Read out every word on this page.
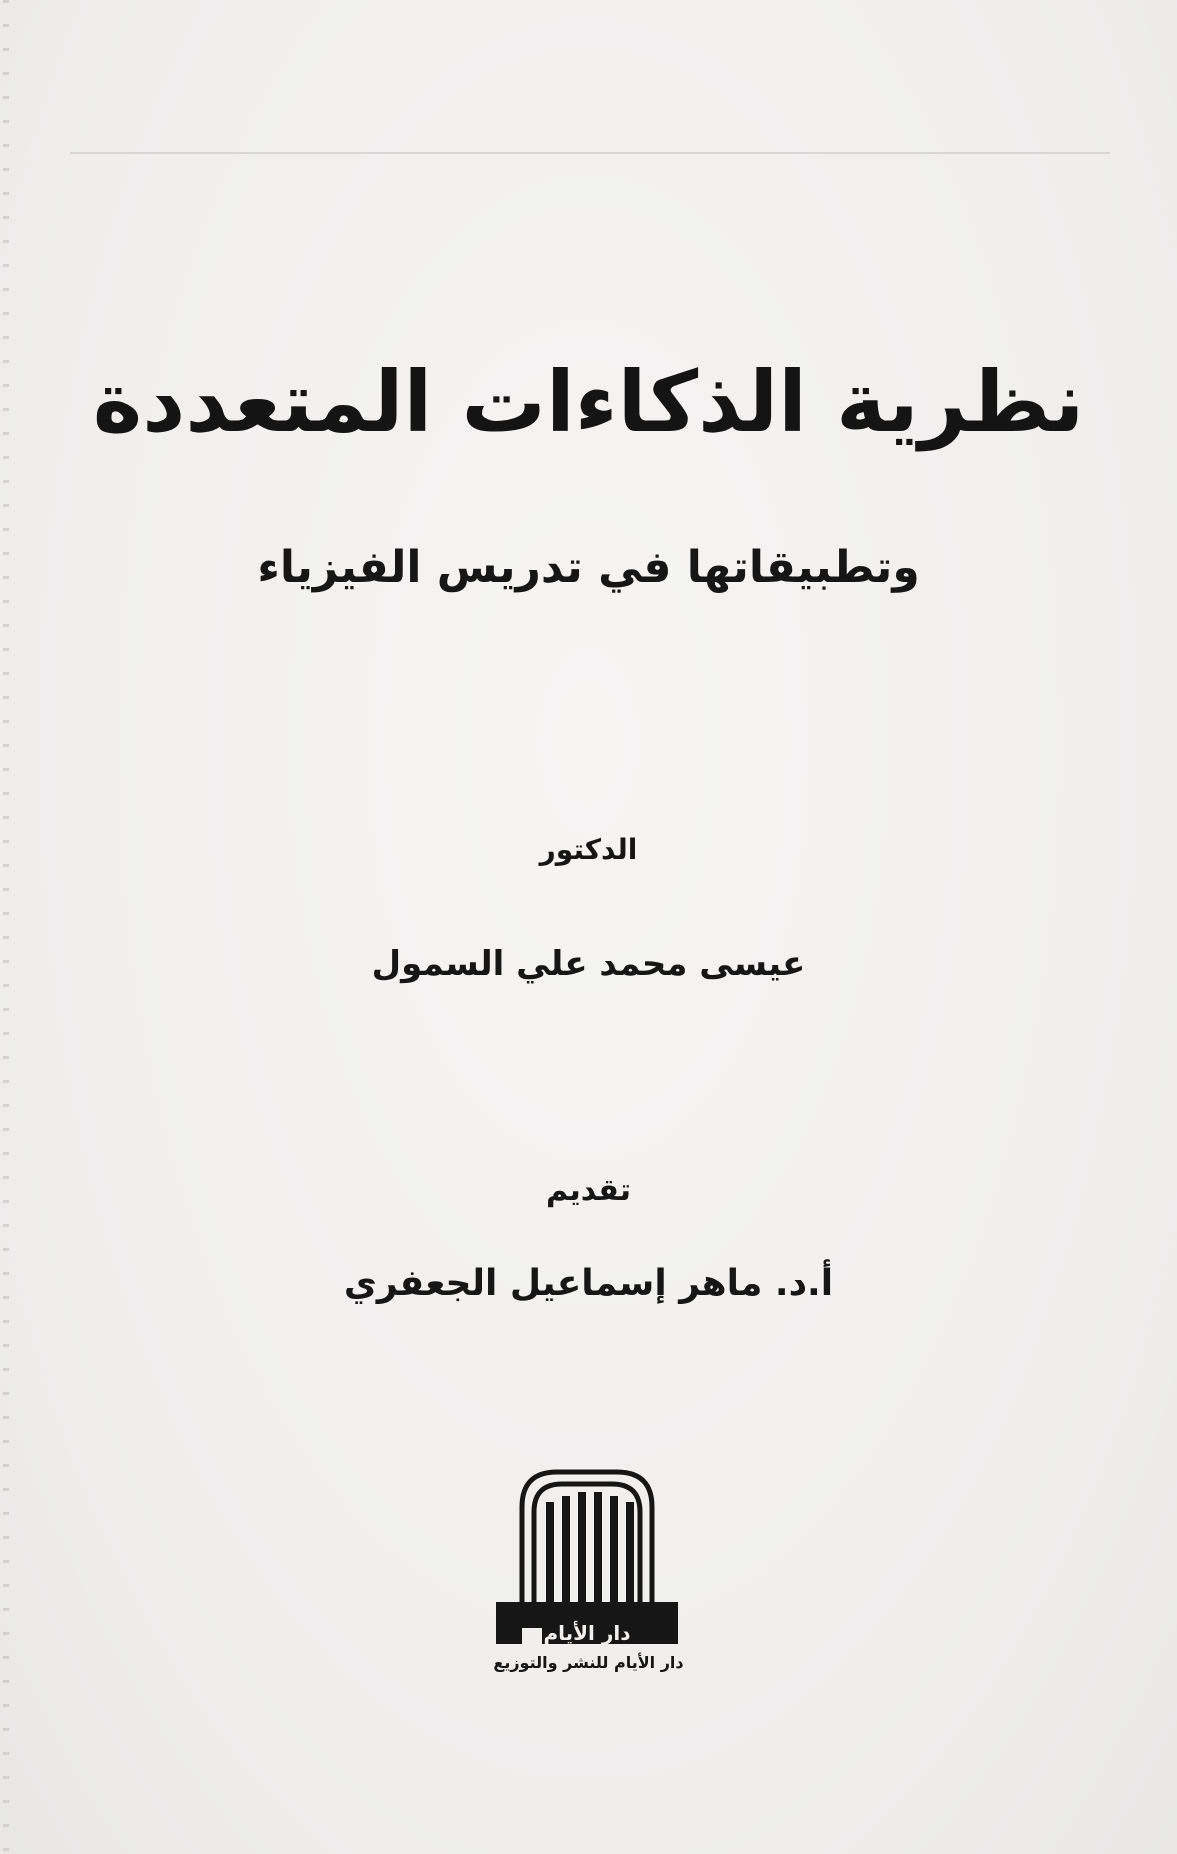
نظرية الذكاءات المتعددة
وتطبيقاتها في تدريس الفيزياء
الدكتور
عيسى محمد علي السمول
تقديم
أ.د. ماهر إسماعيل الجعفري
دار الأيام
دار الأيام للنشر والتوزيع
